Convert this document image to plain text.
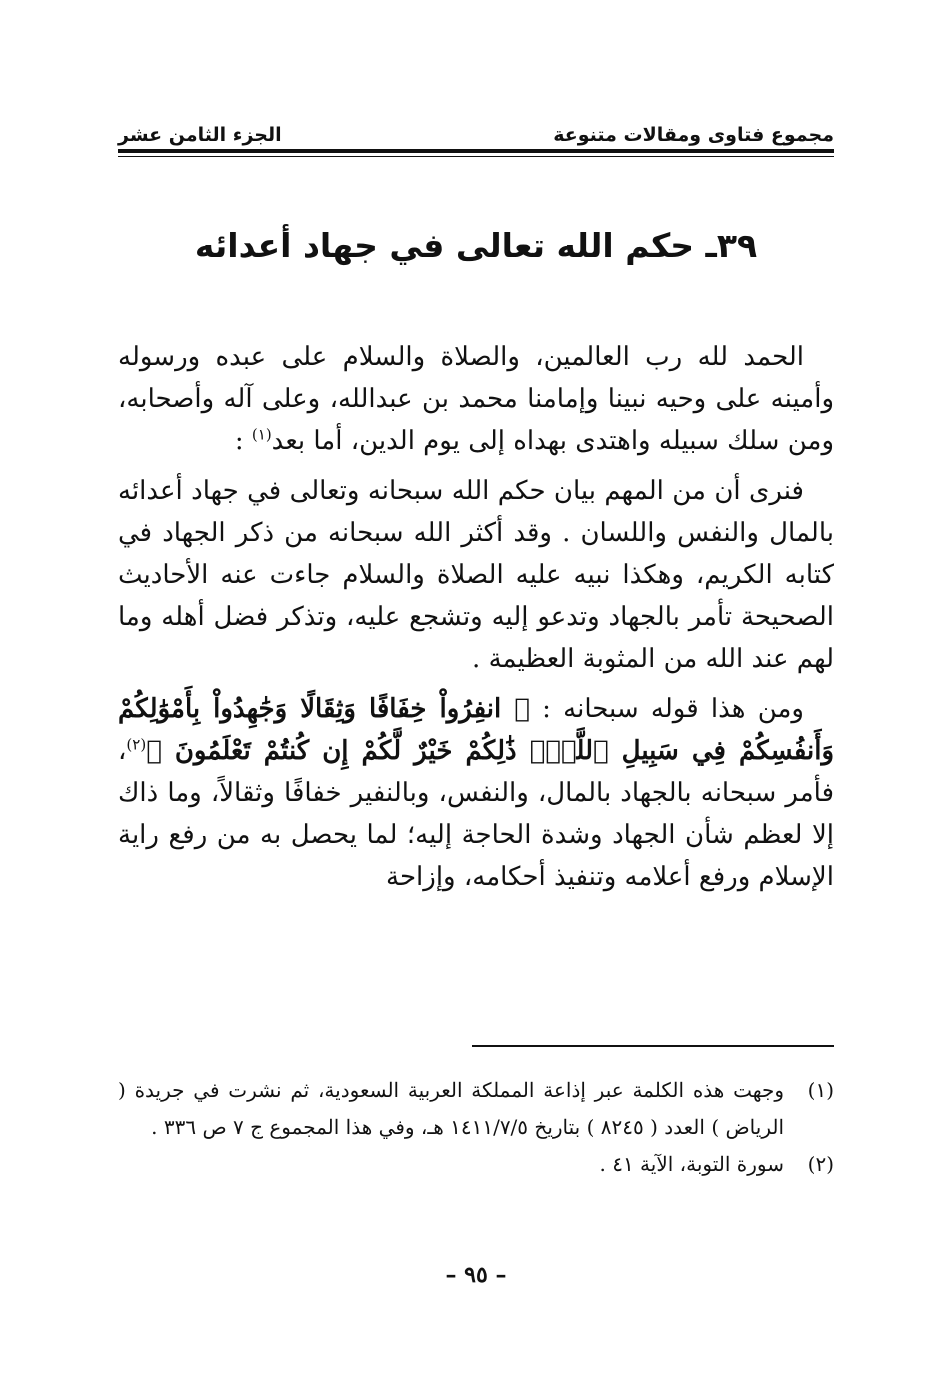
مجموع فتاوى ومقالات متنوعة
الجزء الثامن عشر
٣٩ـ حكم الله تعالى في جهاد أعدائه

الحمد لله رب العالمين، والصلاة والسلام على عبده ورسوله وأمينه على وحيه نبينا وإمامنا محمد بن عبدالله، وعلى آله وأصحابه، ومن سلك سبيله واهتدى بهداه إلى يوم الدين، أما بعد$^{(١)}$ :

فنرى أن من المهم بيان حكم الله سبحانه وتعالى في جهاد أعدائه بالمال والنفس واللسان . وقد أكثر الله سبحانه من ذكر الجهاد في كتابه الكريم، وهكذا نبيه عليه الصلاة والسلام جاءت عنه الأحاديث الصحيحة تأمر بالجهاد وتدعو إليه وتشجع عليه، وتذكر فضل أهله وما لهم عند الله من المثوبة العظيمة .

ومن هذا قوله سبحانه : ﴿ انفِرُواْ خِفَافًا وَثِقَالًا وَجَٰهِدُواْ بِأَمْوَٰلِكُمْ وَأَنفُسِكُمْ فِي سَبِيلِ ٱللَّهِۚ ذَٰلِكُمْ خَيْرٌ لَّكُمْ إِن كُنتُمْ تَعْلَمُونَ ﴾$^{(٢)}$، فأمر سبحانه بالجهاد بالمال، والنفس، وبالنفير خفافًا وثقالاً، وما ذاك إلا لعظم شأن الجهاد وشدة الحاجة إليه؛ لما يحصل به من رفع راية الإسلام ورفع أعلامه وتنفيذ أحكامه، وإزاحة

(١)
وجهت هذه الكلمة عبر إذاعة المملكة العربية السعودية، ثم نشرت في جريدة ( الرياض ) العدد ( ٨٢٤٥ ) بتاريخ ١٤١١/٧/٥ هـ، وفي هذا المجموع ج ٧ ص ٣٣٦ .
(٢)
سورة التوبة، الآية ٤١ .
– ٩٥ –
